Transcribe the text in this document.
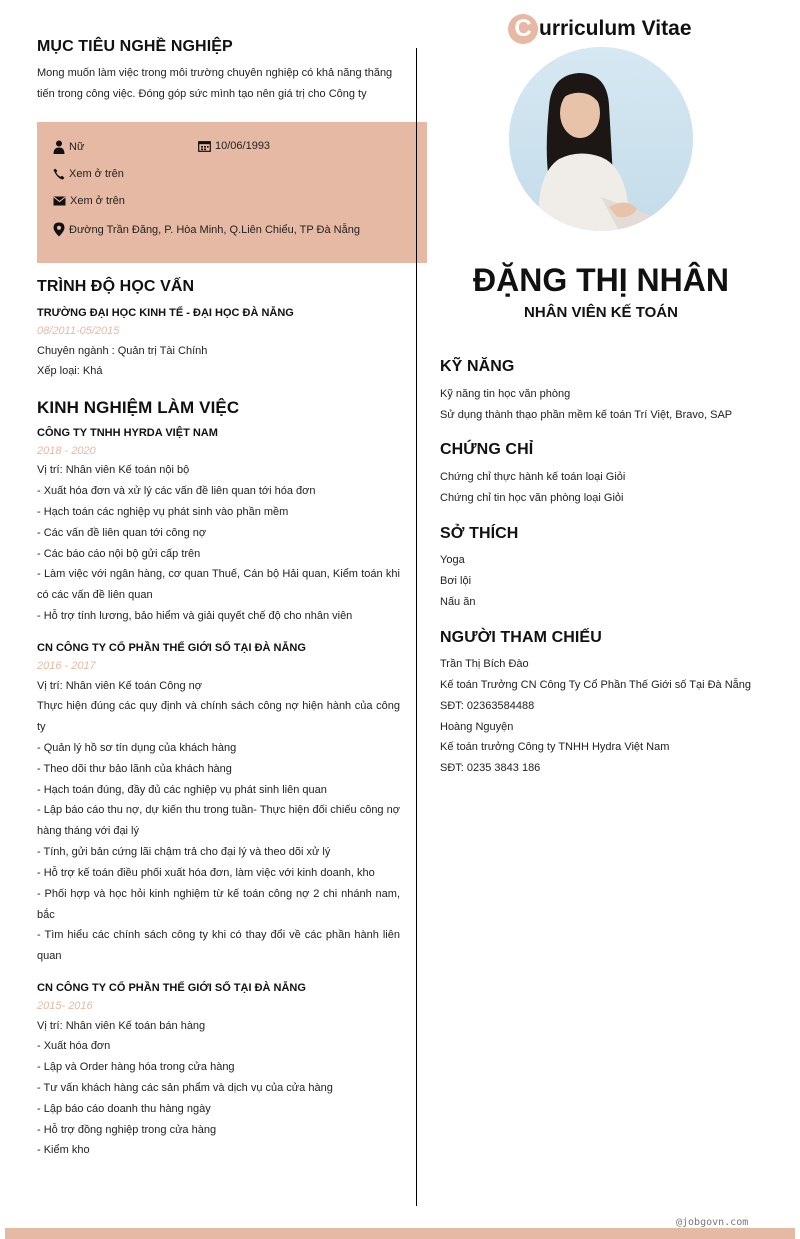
MỤC TIÊU NGHỀ NGHIỆP
Mong muốn làm việc trong môi trường chuyên nghiệp có khả năng thăng tiến trong công việc. Đóng góp sức mình tạo nên giá trị cho Công ty
Nữ	10/06/1993
Xem ở trên
Xem ở trên
Đường Trần Đăng, P. Hòa Minh, Q.Liên Chiểu, TP Đà Nẵng
TRÌNH ĐỘ HỌC VẤN
TRƯỜNG ĐẠI HỌC KINH TẾ - ĐẠI HỌC ĐÀ NẴNG
08/2011-05/2015
Chuyên ngành : Quản trị Tài Chính
Xếp loại: Khá
KINH NGHIỆM LÀM VIỆC
CÔNG TY TNHH HYRDA VIỆT NAM
2018 - 2020
Vị trí: Nhân viên Kế toán nội bộ
- Xuất hóa đơn và xử lý các vấn đề liên quan tới hóa đơn
- Hạch toán các nghiệp vụ phát sinh vào phần mềm
- Các vấn đề liên quan tới công nợ
- Các báo cáo nội bộ gửi cấp trên
- Làm việc với ngân hàng, cơ quan Thuế, Cán bộ Hải quan, Kiểm toán khi có các vấn đề liên quan
- Hỗ trợ tính lương, bảo hiểm và giải quyết chế độ cho nhân viên
CN CÔNG TY CỔ PHẦN THẾ GIỚI SỐ TẠI ĐÀ NẴNG
2016 - 2017
Vị trí: Nhân viên Kế toán Công nợ
Thực hiện đúng các quy định và chính sách công nợ hiện hành của công ty
- Quản lý hồ sơ tín dụng của khách hàng
- Theo dõi thư bảo lãnh của khách hàng
- Hạch toán đúng, đầy đủ các nghiệp vụ phát sinh liên quan
- Lập báo cáo thu nợ, dự kiến thu trong tuần- Thực hiện đối chiếu công nợ hàng tháng với đại lý
- Tính, gửi bản cứng lãi chậm trả cho đại lý và theo dõi xử lý
- Hỗ trợ kế toán điều phối xuất hóa đơn, làm việc với kinh doanh, kho
- Phối hợp và học hỏi kinh nghiệm từ kế toán công nợ 2 chi nhánh nam, bắc
- Tìm hiểu các chính sách công ty khi có thay đổi về các phần hành liên quan
CN CÔNG TY CỔ PHẦN THẾ GIỚI SỐ TẠI ĐÀ NẴNG
2015- 2016
Vị trí: Nhân viên Kế toán bán hàng
- Xuất hóa đơn
- Lập và Order hàng hóa trong cửa hàng
- Tư vấn khách hàng các sản phẩm và dịch vụ của cửa hàng
- Lập báo cáo doanh thu hàng ngày
- Hỗ trợ đồng nghiệp trong cửa hàng
- Kiểm kho
C urriculum Vitae
ĐẶNG THỊ NHÂN
NHÂN VIÊN KẾ TOÁN
KỸ NĂNG
Kỹ năng tin học văn phòng
Sử dụng thành thạo phần mềm kế toán Trí Việt, Bravo, SAP
CHỨNG CHỈ
Chứng chỉ thực hành kế toán loại Giỏi
Chứng chỉ tin học văn phòng loại Giỏi
SỞ THÍCH
Yoga
Bơi lội
Nấu ăn
NGƯỜI THAM CHIẾU
Trần Thị Bích Đào
Kế toán Trưởng CN Công Ty Cổ Phần Thế Giới số Tại Đà Nẵng
SĐT: 02363584488
Hoàng Nguyện
Kế toán trưởng Công ty TNHH Hydra Việt Nam
SĐT: 0235 3843 186
@jobgovn.com
